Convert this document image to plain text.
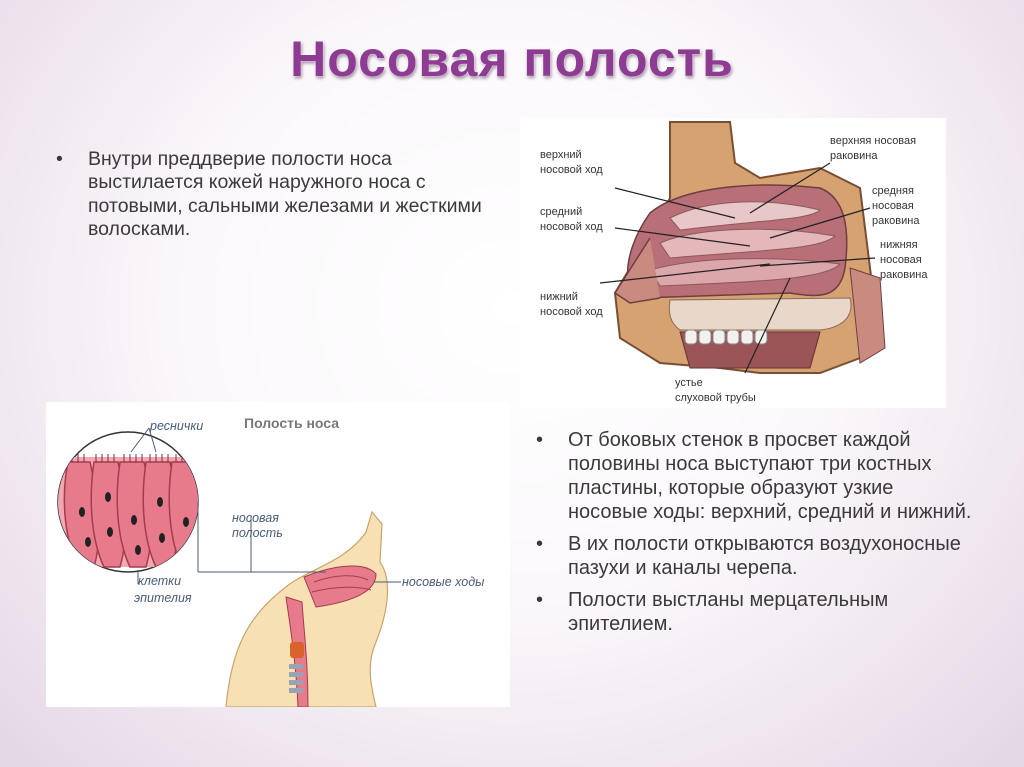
Носовая полость
• Внутри преддверие полости носа выстилается кожей наружного носа с потовыми, сальными железами и жесткими волосками.
верхний
носовой ход
средний
носовой ход
нижний
носовой ход
верхняя носовая
раковина
средняя
носовая
раковина
нижняя
носовая
раковина
устье
слуховой трубы
Полость носа
реснички
носовая
полость
носовые ходы
клетки
эпителия
• От боковых стенок в просвет каждой половины носа выступают три костных пластины, которые образуют узкие носовые ходы: верхний, средний и нижний.
• В их полости открываются воздухоносные пазухи и каналы черепа.
• Полости выстланы мерцательным эпителием.
